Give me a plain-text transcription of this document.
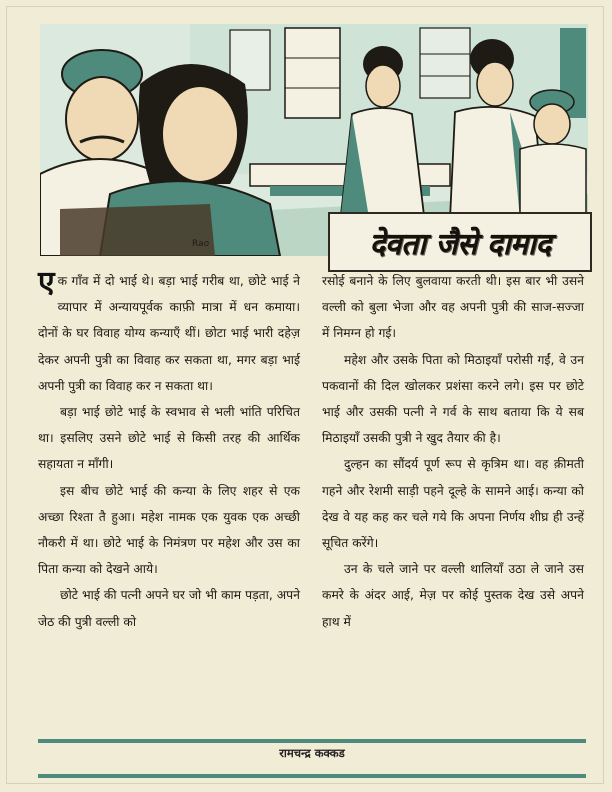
Rao	देवता जैसे दामाद

एक गाँव में दो भाई थे। बड़ा भाई गरीब था, छोटे भाई ने व्यापार में अन्यायपूर्वक काफ़ी मात्रा में धन कमाया। दोनों के घर विवाह योग्य कन्याएँ थीं। छोटा भाई भारी दहेज़ देकर अपनी पुत्री का विवाह कर सकता था, मगर बड़ा भाई अपनी पुत्री का विवाह कर न सकता था।

बड़ा भाई छोटे भाई के स्वभाव से भली भांति परिचित था। इसलिए उसने छोटे भाई से किसी तरह की आर्थिक सहायता न माँगी।

इस बीच छोटे भाई की कन्या के लिए शहर से एक अच्छा रिश्ता तै हुआ। महेश नामक एक युवक एक अच्छी नौकरी में था। छोटे भाई के निमंत्रण पर महेश और उस का पिता कन्या को देखने आये।

छोटे भाई की पत्नी अपने घर जो भी काम पड़ता, अपने जेठ की पुत्री वल्ली को

रसोई बनाने के लिए बुलवाया करती थी। इस बार भी उसने वल्ली को बुला भेजा और वह अपनी पुत्री की साज-सज्जा में निमग्न हो गई।

महेश और उसके पिता को मिठाइयाँ परोसी गईं, वे उन पकवानों की दिल खोलकर प्रशंसा करने लगे। इस पर छोटे भाई और उसकी पत्नी ने गर्व के साथ बताया कि ये सब मिठाइयाँ उसकी पुत्री ने खुद तैयार की है।

दुल्हन का सौंदर्य पूर्ण रूप से कृत्रिम था। वह क़ीमती गहने और रेशमी साड़ी पहने दूल्हे के सामने आई। कन्या को देख वे यह कह कर चले गये कि अपना निर्णय शीघ्र ही उन्हें सूचित करेंगे।

उन के चले जाने पर वल्ली थालियाँ उठा ले जाने उस कमरे के अंदर आई, मेज़ पर कोई पुस्तक देख उसे अपने हाथ में

रामचन्द्र कक्कड
